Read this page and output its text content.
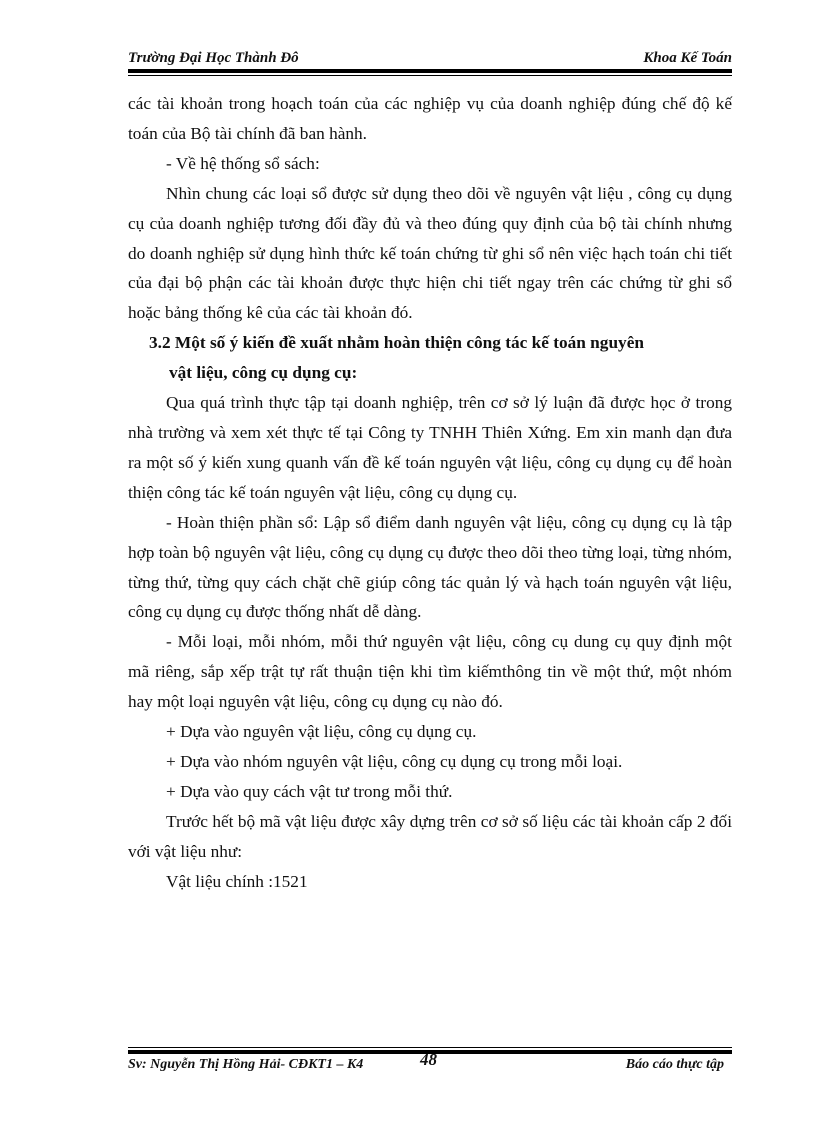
Trường Đại Học Thành Đô	Khoa Kế Toán

các tài khoản trong hoạch toán của các nghiệp vụ của doanh nghiệp đúng chế độ kế toán của Bộ tài chính đã ban hành.

- Về hệ thống sổ sách:

Nhìn chung các loại sổ được sử dụng theo dõi về nguyên vật liệu , công cụ dụng cụ của doanh nghiệp tương đối đầy đủ và theo đúng quy định của bộ tài chính nhưng do doanh nghiệp sử dụng hình thức kế toán chứng từ ghi sổ nên việc hạch toán chi tiết của đại bộ phận các tài khoản được thực hiện chi tiết ngay trên các chứng từ ghi sổ hoặc bảng thống kê của các tài khoản đó.

3.2 Một số ý kiến đề xuất nhằm hoàn thiện công tác kế toán nguyên
vật liệu, công cụ dụng cụ:

Qua quá trình thực tập tại doanh nghiệp, trên cơ sở lý luận đã được học ở trong nhà trường và xem xét thực tế tại Công ty TNHH Thiên Xứng. Em xin manh dạn đưa ra một số ý kiến xung quanh vấn đề kế toán nguyên vật liệu, công cụ dụng cụ để hoàn thiện công tác kế toán nguyên vật liệu, công cụ dụng cụ.

- Hoàn thiện phần sổ: Lập sổ điểm danh nguyên vật liệu, công cụ dụng cụ là tập hợp toàn bộ nguyên vật liệu, công cụ dụng cụ được theo dõi theo từng loại, từng nhóm, từng thứ, từng quy cách chặt chẽ giúp công tác quản lý và hạch toán nguyên vật liệu, công cụ dụng cụ được thống nhất dễ dàng.

- Mỗi loại, mỗi nhóm, mỗi thứ nguyên vật liệu, công cụ dung cụ quy định một mã riêng, sắp xếp trật tự rất thuận tiện khi tìm kiếmthông tin về một thứ, một nhóm hay một loại nguyên vật liệu, công cụ dụng cụ nào đó.

+ Dựa vào nguyên vật liệu, công cụ dụng cụ.

+ Dựa vào nhóm nguyên vật liệu, công cụ dụng cụ trong mỗi loại.

+ Dựa vào quy cách vật tư trong mỗi thứ.

Trước hết bộ mã vật liệu được xây dựng trên cơ sở số liệu các tài khoản cấp 2 đối với vật liệu như:

Vật liệu chính :1521

Sv: Nguyễn Thị Hồng Hải- CĐKT1 – K4	Báo cáo thực tập
48
